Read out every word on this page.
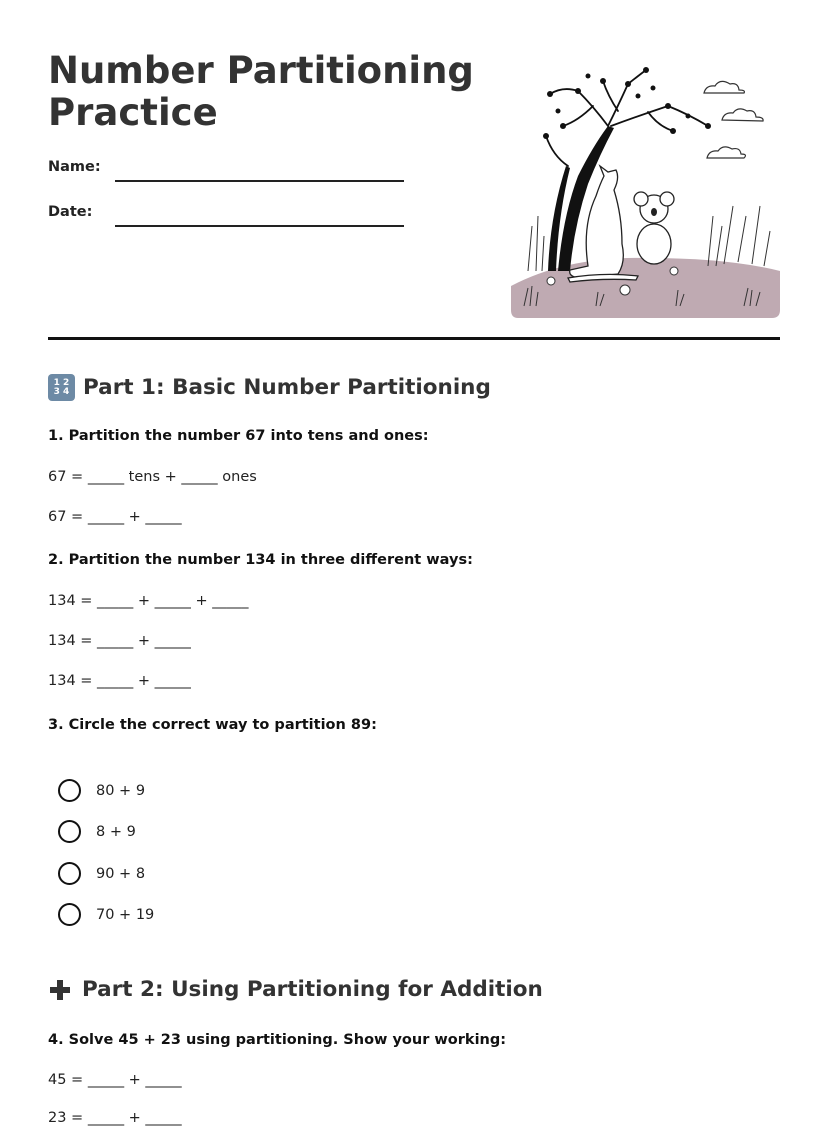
Number Partitioning Practice
Name:
Date:
1 2
3 4 Part 1: Basic Number Partitioning
1. Partition the number 67 into tens and ones:
67 = _____ tens + _____ ones
67 = _____ + _____
2. Partition the number 134 in three different ways:
134 = _____ + _____ + _____
134 = _____ + _____
134 = _____ + _____
3. Circle the correct way to partition 89:
80 + 9
8 + 9
90 + 8
70 + 19
Part 2: Using Partitioning for Addition
4. Solve 45 + 23 using partitioning. Show your working:
45 = _____ + _____
23 = _____ + _____
